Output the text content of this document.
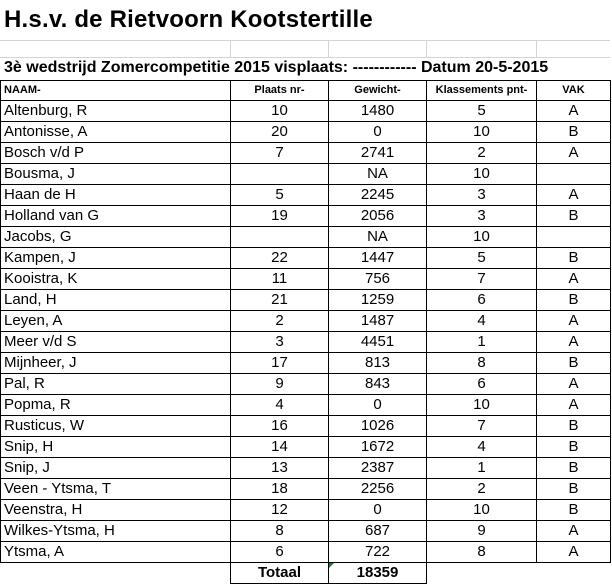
H.s.v. de Rietvoorn Kootstertille
3è wedstrijd Zomercompetitie 2015 visplaats: ------------ Datum 20-5-2015
NAAM-	Plaats nr-	Gewicht-	Klassements pnt-	VAK
Altenburg, R	10	1480	5	A
Antonisse, A	20	0	10	B
Bosch v/d P	7	2741	2	A
Bousma, J		NA	10	
Haan de H	5	2245	3	A
Holland van G	19	2056	3	B
Jacobs, G		NA	10	
Kampen, J	22	1447	5	B
Kooistra, K	11	756	7	A
Land, H	21	1259	6	B
Leyen, A	2	1487	4	A
Meer v/d S	3	4451	1	A
Mijnheer, J	17	813	8	B
Pal, R	9	843	6	A
Popma, R	4	0	10	A
Rusticus, W	16	1026	7	B
Snip, H	14	1672	4	B
Snip, J	13	2387	1	B
Veen - Ytsma, T	18	2256	2	B
Veenstra, H	12	0	10	B
Wilkes-Ytsma, H	8	687	9	A
Ytsma, A	6	722	8	A
	Totaal	18359		
